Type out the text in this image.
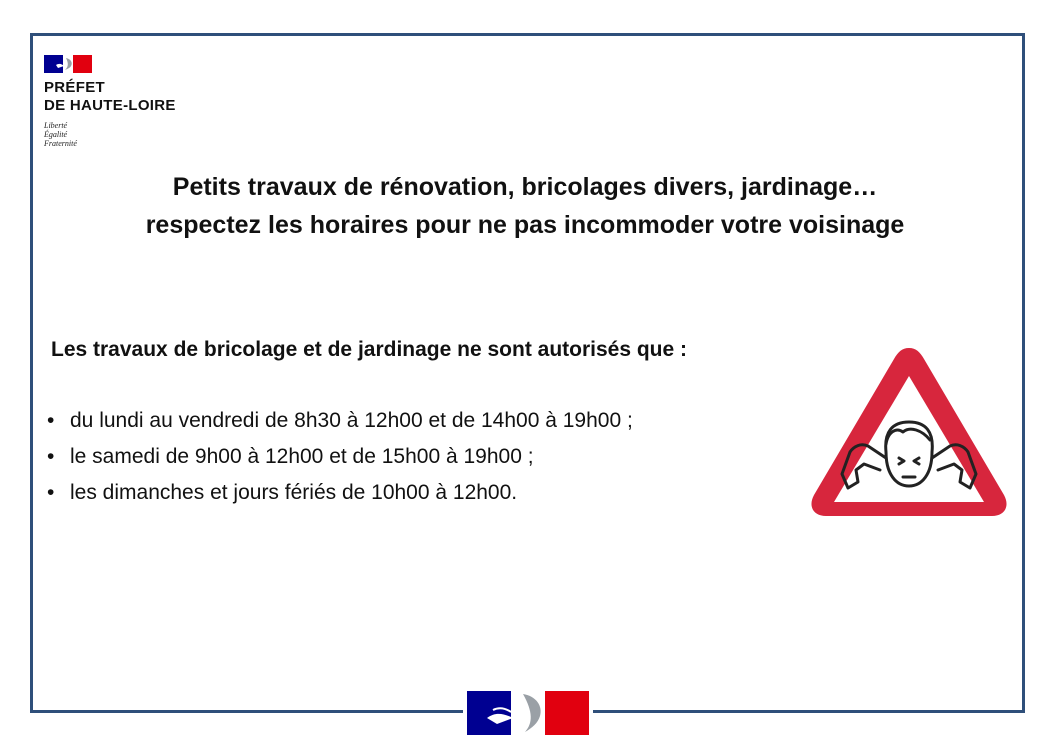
PRÉFET
DE HAUTE-LOIRE
Liberté
Égalité
Fraternité
Petits travaux de rénovation, bricolages divers, jardinage…
respectez les horaires pour ne pas incommoder votre voisinage
Les travaux de bricolage et de jardinage ne sont autorisés que :
• du lundi au vendredi de 8h30 à 12h00 et de 14h00 à 19h00 ;
• le samedi de 9h00 à 12h00 et de 15h00 à 19h00 ;
• les dimanches et jours fériés de 10h00 à 12h00.
